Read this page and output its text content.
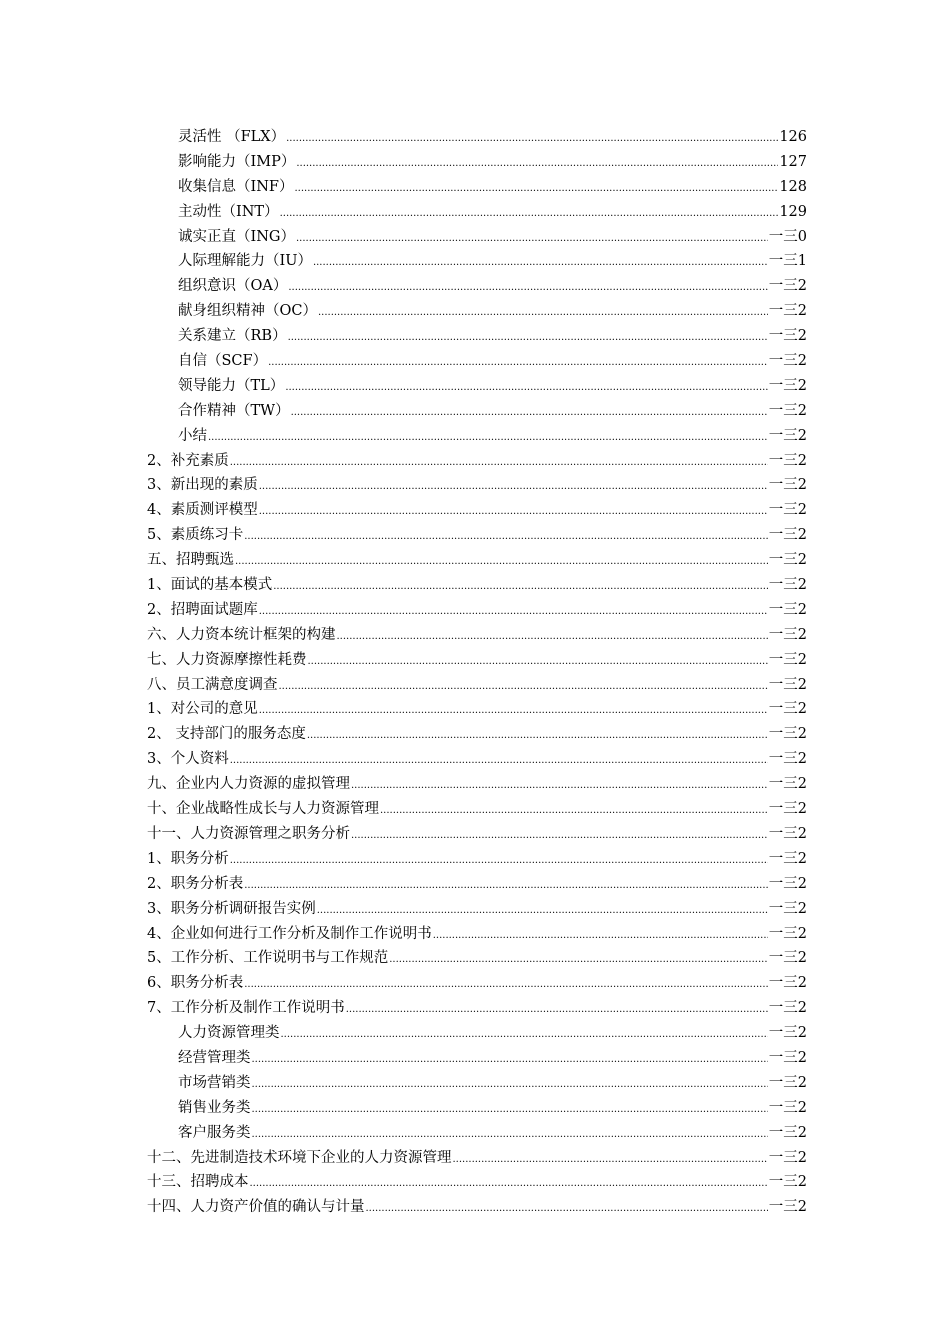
灵活性 （FLX） .....	126
影响能力（IMP） .....	127
收集信息（INF） .....	128
主动性（INT） .....	129
诚实正直（ING） .....	一三0
人际理解能力（IU） .....	一三1
组织意识（OA） .....	一三2
献身组织精神（OC） .....	一三2
关系建立（RB） .....	一三2
自信（SCF） .....	一三2
领导能力（TL） .....	一三2
合作精神（TW） .....	一三2
小结 .....	一三2
2、补充素质 .....	一三2
3、新出现的素质 .....	一三2
4、素质测评模型 .....	一三2
5、素质练习卡 .....	一三2
五、招聘甄选 .....	一三2
1、面试的基本模式 .....	一三2
2、招聘面试题库 .....	一三2
六、人力资本统计框架的构建 .....	一三2
七、人力资源摩擦性耗费 .....	一三2
八、员工满意度调查 .....	一三2
1、对公司的意见 .....	一三2
2、 支持部门的服务态度 .....	一三2
3、个人资料 .....	一三2
九、企业内人力资源的虚拟管理 .....	一三2
十、企业战略性成长与人力资源管理 .....	一三2
十一、人力资源管理之职务分析 .....	一三2
1、职务分析 .....	一三2
2、职务分析表 .....	一三2
3、职务分析调研报告实例 .....	一三2
4、企业如何进行工作分析及制作工作说明书 .....	一三2
5、工作分析、工作说明书与工作规范 .....	一三2
6、职务分析表 .....	一三2
7、工作分析及制作工作说明书 .....	一三2
人力资源管理类 .....	一三2
经营管理类 .....	一三2
市场营销类 .....	一三2
销售业务类 .....	一三2
客户服务类 .....	一三2
十二、先进制造技术环境下企业的人力资源管理 .....	一三2
十三、招聘成本 .....	一三2
十四、人力资产价值的确认与计量 .....	一三2
